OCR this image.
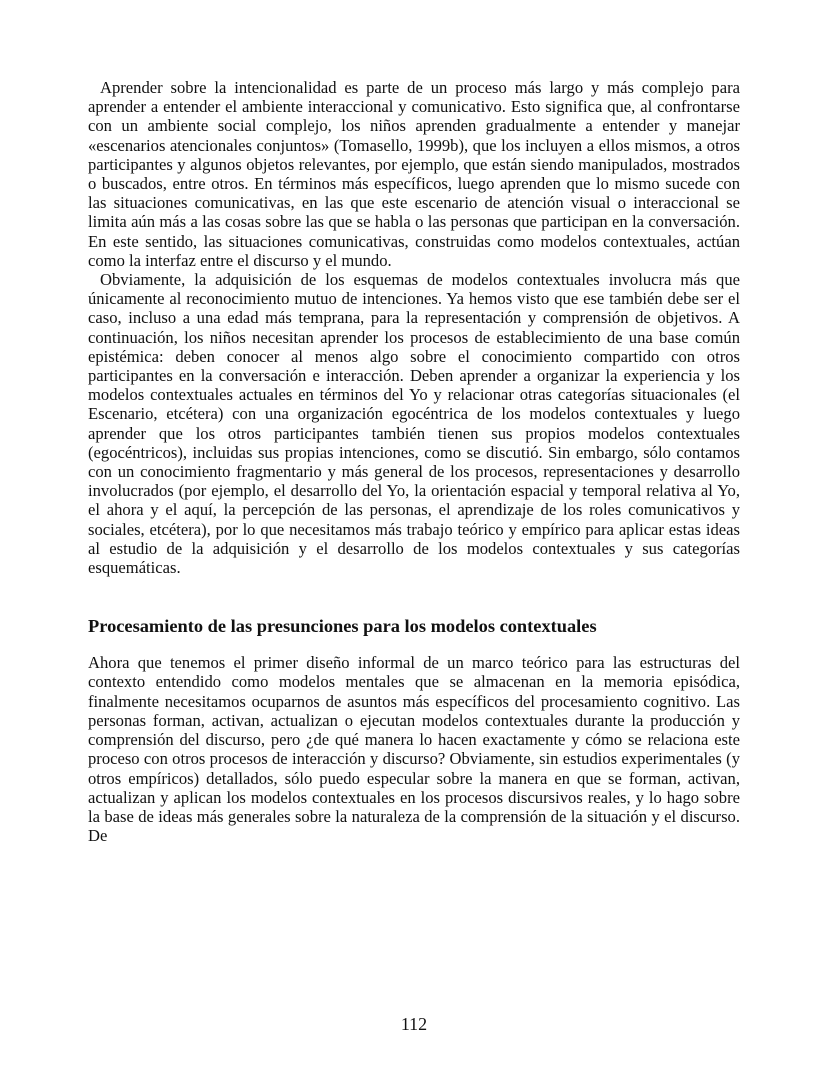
Aprender sobre la intencionalidad es parte de un proceso más largo y más complejo para aprender a entender el ambiente interaccional y comunicativo. Esto significa que, al confrontarse con un ambiente social complejo, los niños aprenden gradualmente a entender y manejar «escenarios atencionales conjuntos» (Tomasello, 1999b), que los incluyen a ellos mismos, a otros participantes y algunos objetos relevantes, por ejemplo, que están siendo manipulados, mostrados o buscados, entre otros. En términos más específicos, luego aprenden que lo mismo sucede con las situaciones comunicativas, en las que este escenario de atención visual o interaccional se limita aún más a las cosas sobre las que se habla o las personas que participan en la conversación. En este sentido, las situaciones comunicativas, construidas como modelos contextuales, actúan como la interfaz entre el discurso y el mundo.

Obviamente, la adquisición de los esquemas de modelos contextuales involucra más que únicamente al reconocimiento mutuo de intenciones. Ya hemos visto que ese también debe ser el caso, incluso a una edad más temprana, para la representación y comprensión de objetivos. A continuación, los niños necesitan aprender los procesos de establecimiento de una base común epistémica: deben conocer al menos algo sobre el conocimiento compartido con otros participantes en la conversación e interacción. Deben aprender a organizar la experiencia y los modelos contextuales actuales en términos del Yo y relacionar otras categorías situacionales (el Escenario, etcétera) con una organización egocéntrica de los modelos contextuales y luego aprender que los otros participantes también tienen sus propios modelos contextuales (egocéntricos), incluidas sus propias intenciones, como se discutió. Sin embargo, sólo contamos con un conocimiento fragmentario y más general de los procesos, representaciones y desarrollo involucrados (por ejemplo, el desarrollo del Yo, la orientación espacial y temporal relativa al Yo, el ahora y el aquí, la percepción de las personas, el aprendizaje de los roles comunicativos y sociales, etcétera), por lo que necesitamos más trabajo teórico y empírico para aplicar estas ideas al estudio de la adquisición y el desarrollo de los modelos contextuales y sus categorías esquemáticas.

Procesamiento de las presunciones para los modelos contextuales

Ahora que tenemos el primer diseño informal de un marco teórico para las estructuras del contexto entendido como modelos mentales que se almacenan en la memoria episódica, finalmente necesitamos ocuparnos de asuntos más específicos del procesamiento cognitivo. Las personas forman, activan, actualizan o ejecutan modelos contextuales durante la producción y comprensión del discurso, pero ¿de qué manera lo hacen exactamente y cómo se relaciona este proceso con otros procesos de interacción y discurso? Obviamente, sin estudios experimentales (y otros empíricos) detallados, sólo puedo especular sobre la manera en que se forman, activan, actualizan y aplican los modelos contextuales en los procesos discursivos reales, y lo hago sobre la base de ideas más generales sobre la naturaleza de la comprensión de la situación y el discurso. De

112
